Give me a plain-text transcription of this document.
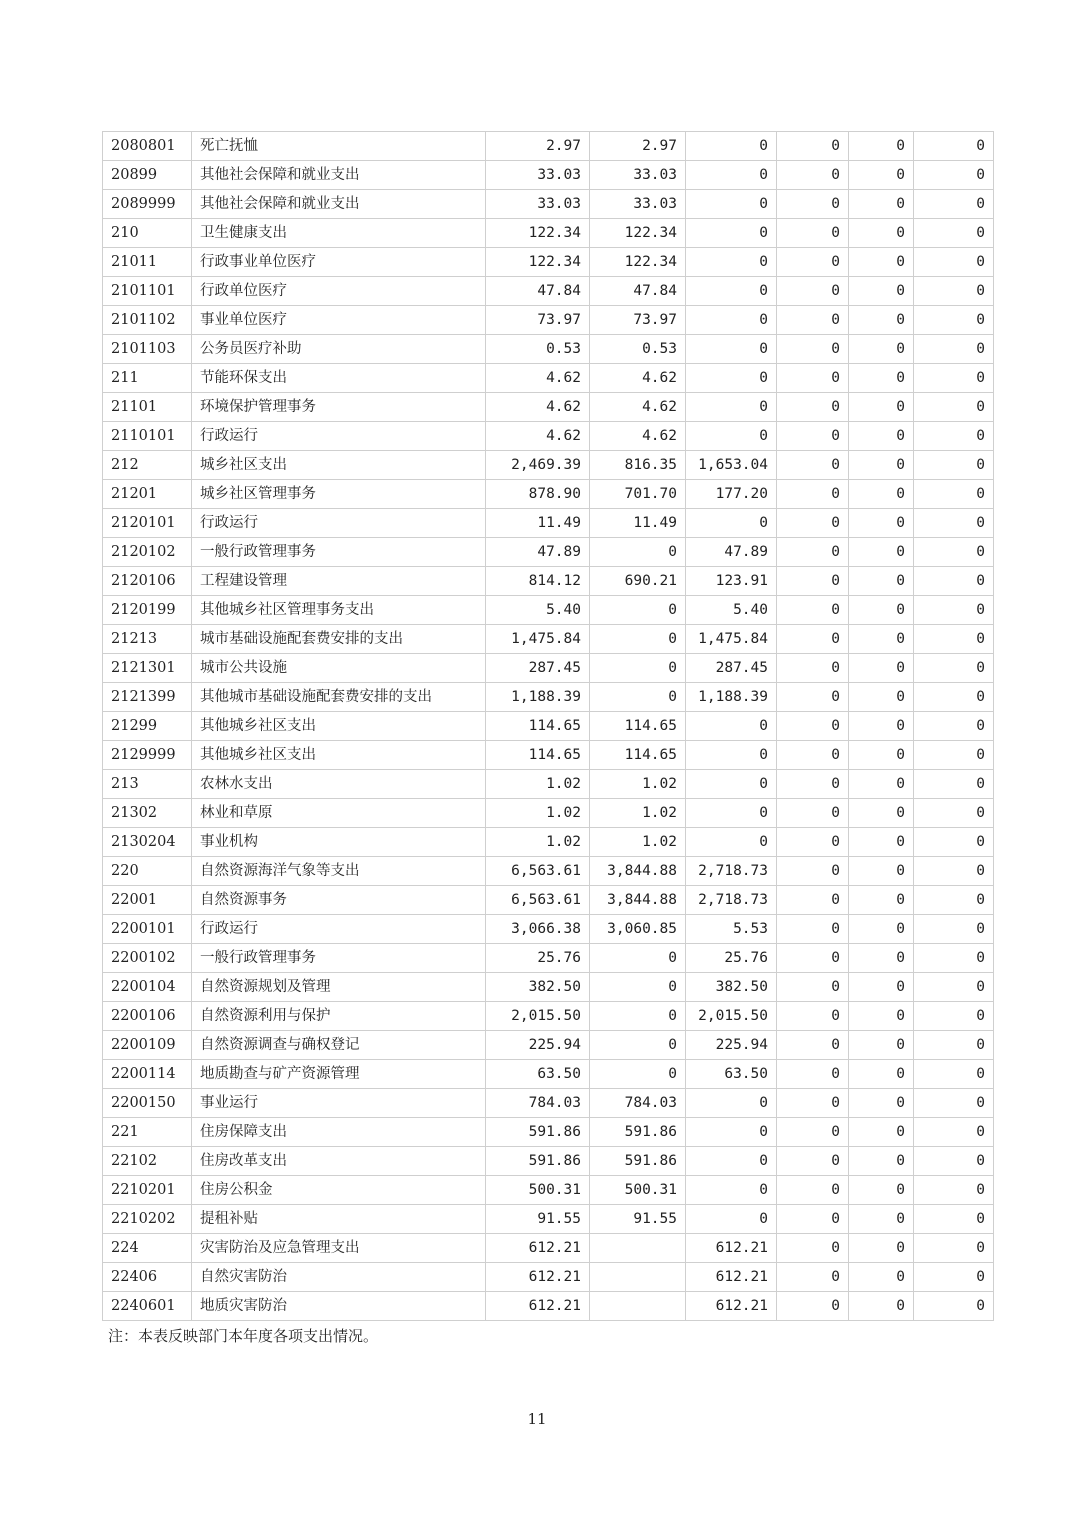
2080801	死亡抚恤	2.97	2.97	0	0	0	0
20899	其他社会保障和就业支出	33.03	33.03	0	0	0	0
2089999	其他社会保障和就业支出	33.03	33.03	0	0	0	0
210	卫生健康支出	122.34	122.34	0	0	0	0
21011	行政事业单位医疗	122.34	122.34	0	0	0	0
2101101	行政单位医疗	47.84	47.84	0	0	0	0
2101102	事业单位医疗	73.97	73.97	0	0	0	0
2101103	公务员医疗补助	0.53	0.53	0	0	0	0
211	节能环保支出	4.62	4.62	0	0	0	0
21101	环境保护管理事务	4.62	4.62	0	0	0	0
2110101	行政运行	4.62	4.62	0	0	0	0
212	城乡社区支出	2,469.39	816.35	1,653.04	0	0	0
21201	城乡社区管理事务	878.90	701.70	177.20	0	0	0
2120101	行政运行	11.49	11.49	0	0	0	0
2120102	一般行政管理事务	47.89	0	47.89	0	0	0
2120106	工程建设管理	814.12	690.21	123.91	0	0	0
2120199	其他城乡社区管理事务支出	5.40	0	5.40	0	0	0
21213	城市基础设施配套费安排的支出	1,475.84	0	1,475.84	0	0	0
2121301	城市公共设施	287.45	0	287.45	0	0	0
2121399	其他城市基础设施配套费安排的支出	1,188.39	0	1,188.39	0	0	0
21299	其他城乡社区支出	114.65	114.65	0	0	0	0
2129999	其他城乡社区支出	114.65	114.65	0	0	0	0
213	农林水支出	1.02	1.02	0	0	0	0
21302	林业和草原	1.02	1.02	0	0	0	0
2130204	事业机构	1.02	1.02	0	0	0	0
220	自然资源海洋气象等支出	6,563.61	3,844.88	2,718.73	0	0	0
22001	自然资源事务	6,563.61	3,844.88	2,718.73	0	0	0
2200101	行政运行	3,066.38	3,060.85	5.53	0	0	0
2200102	一般行政管理事务	25.76	0	25.76	0	0	0
2200104	自然资源规划及管理	382.50	0	382.50	0	0	0
2200106	自然资源利用与保护	2,015.50	0	2,015.50	0	0	0
2200109	自然资源调查与确权登记	225.94	0	225.94	0	0	0
2200114	地质勘查与矿产资源管理	63.50	0	63.50	0	0	0
2200150	事业运行	784.03	784.03	0	0	0	0
221	住房保障支出	591.86	591.86	0	0	0	0
22102	住房改革支出	591.86	591.86	0	0	0	0
2210201	住房公积金	500.31	500.31	0	0	0	0
2210202	提租补贴	91.55	91.55	0	0	0	0
224	灾害防治及应急管理支出	612.21		612.21	0	0	0
22406	自然灾害防治	612.21		612.21	0	0	0
2240601	地质灾害防治	612.21		612.21	0	0	0
注：本表反映部门本年度各项支出情况。
11
